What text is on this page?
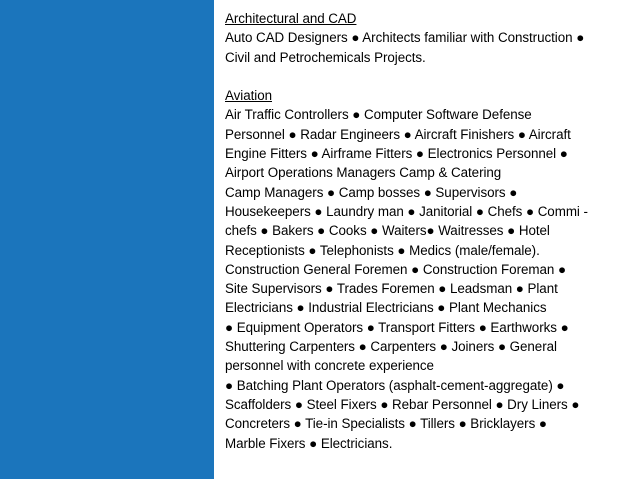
Architectural and CAD
Auto CAD Designers ● Architects familiar with Construction ●
Civil and Petrochemicals Projects.
Aviation
Air Traffic Controllers ● Computer Software Defense
Personnel ● Radar Engineers ● Aircraft Finishers ● Aircraft
Engine Fitters ● Airframe Fitters ● Electronics Personnel ●
Airport Operations Managers Camp & Catering
Camp Managers ● Camp bosses ● Supervisors ●
Housekeepers ● Laundry man ● Janitorial ● Chefs ● Commi -
chefs ● Bakers ● Cooks ● Waiters● Waitresses ● Hotel
Receptionists ● Telephonists ● Medics (male/female).
Construction General Foremen ● Construction Foreman ●
Site Supervisors ● Trades Foremen ● Leadsman ● Plant
Electricians ● Industrial Electricians ● Plant Mechanics
● Equipment Operators ● Transport Fitters ● Earthworks ●
Shuttering Carpenters ● Carpenters ● Joiners ● General
personnel with concrete experience
● Batching Plant Operators (asphalt-cement-aggregate) ●
Scaffolders ● Steel Fixers ● Rebar Personnel ● Dry Liners ●
Concreters ● Tie-in Specialists ● Tillers ● Bricklayers ●
Marble Fixers ● Electricians.
